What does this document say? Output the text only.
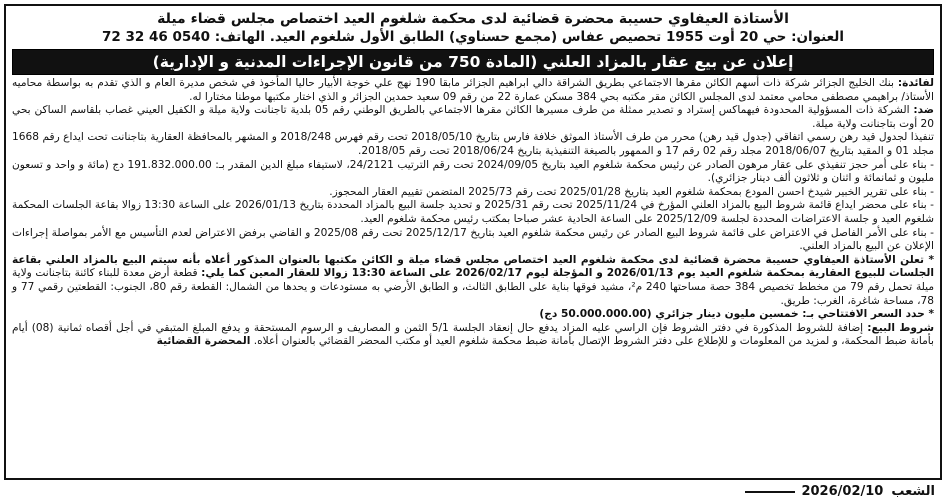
الأستاذة العيفاوي حسيبة محضرة قضائية لدى محكمة شلغوم العيد اختصاص مجلس قضاء ميلة
العنوان: حي 20 أوت 1955 تحصيص عفاس (مجمع حسناوي) الطابق الأول شلغوم العيد. الهاتف: 72 32 46 0540
إعلان عن بيع عقار بالمزاد العلني (المادة 750 من قانون الإجراءات المدنية و الإدارية)

لفائدة: بنك الخليج الجزائر شركة ذات أسهم الكائن مقرها الاجتماعي بطريق الشراقة دالي ابراهيم الجزائر مابقا 190 نهج علي خوجة الأبيار حاليا المأخوذ في شخص مديرة العام و الذي تقدم به بواسطة محاميه الأستاذ/ براهيمي مصطفى محامي معتمد لدى المجلس الكائن مقر مكتبه بحي 384 مسكن عمارة 22 من رقم 09 سعيد حمدين الجزائر و الذي اختار مكتبها موطنا مختارا له.

ضد: الشركة ذات المسؤولية المحدودة فيهماكس إستراد و تصدير ممثلة من طرف مسيرها الكائن مقرها الاجتماعي بالطريق الوطني رقم 05 بلدية تاجنانت ولاية ميلة و الكفيل العيني غصاب بلقاسم الساكن بحي 20 أوت بتاجنانت ولاية ميلة.

تنفيذا لجدول قيد رهن رسمي اتفاقي (جدول قيد رهن) محرر من طرف الأستاذ الموثق خلافة فارس بتاريخ 2018/05/10 تحت رقم فهرس 2018/248 و المشهر بالمحافظة العقارية بتاجنانت تحت ايداع رقم 1668 مجلد 01 و المقيد بتاريخ 2018/06/07 مجلد رقم 02 رقم 17 و الممهور بالصيغة التنفيذية بتاريخ 2018/06/24 تحت رقم 2018/05.

- بناء على أمر حجز تنفيذي على عقار مرهون الصادر عن رئيس محكمة شلغوم العيد بتاريخ 2024/09/05 تحت رقم الترتيب 24/2121، لاستيفاء مبلغ الدين المقدر بـ: 191.832.000.00 دج (مائة و واحد و تسعون مليون و ثمانمائة و اثنان و ثلاثون ألف دينار جزائري).

- بناء على تقرير الخبير شيدخ احسن المودع بمحكمة شلغوم العيد بتاريخ 2025/01/28 تحت رقم 2025/73 المتضمن تقييم العقار المحجوز.

- بناء على محضر ايداع قائمة شروط البيع بالمزاد العلني المؤرخ في 2025/11/24 تحت رقم 2025/31 و تحديد جلسة البيع بالمزاد المحددة بتاريخ 2026/01/13 على الساعة 13:30 زوالا بقاعة الجلسات المحكمة شلغوم العيد و جلسة الاعتراضات المحددة لجلسة 2025/12/09 على الساعة الحادية عشر صباحا بمكتب رئيس محكمة شلغوم العيد.

- بناء على الأمر الفاصل في الاعتراض على قائمة شروط البيع الصادر عن رئيس محكمة شلغوم العيد بتاريخ 2025/12/17 تحت رقم 2025/08 و القاضي برفض الاعتراض لعدم التأسيس مع الأمر بمواصلة إجراءات الإعلان عن البيع بالمزاد العلني.

* تعلن الأستاذة العيفاوي حسيبة محضرة قضائية لدى محكمة شلغوم العيد اختصاص مجلس قضاء ميلة و الكائن مكتبها بالعنوان المذكور أعلاه بأنه سيتم البيع بالمزاد العلني بقاعة الجلسات للبيوع العقارية بمحكمة شلغوم العيد يوم 2026/01/13 و المؤجلة ليوم 2026/02/17 على الساعة 13:30 زوالا للعقار المعين كما يلي: قطعة أرض معدة للبناء كائنة بتاجنانت ولاية ميلة تحمل رقم 79 من مخطط تخصيص 384 حصة مساحتها 240 م²، مشيد فوقها بناية على الطابق الثالث، و الطابق الأرضي به مستودعات و يحدها من الشمال: القطعة رقم 80، الجنوب: القطعتين رقمي 77 و 78، مساحة شاغرة، الغرب: طريق.

* حدد السعر الافتتاحي بـ: خمسين مليون دينار جزائري (50.000.000.00 دج)

شروط البيع: إضافة للشروط المذكورة في دفتر الشروط فإن الراسي عليه المزاد يدفع حال إنعقاد الجلسة 5/1 الثمن و المصاريف و الرسوم المستحقة و يدفع المبلغ المتبقي في أجل أقصاه ثمانية (08) أيام بأمانة ضبط المحكمة، و لمزيد من المعلومات و للإطلاع على دفتر الشروط الإتصال بأمانة ضبط محكمة شلغوم العيد أو مكتب المحضر القضائي بالعنوان أعلاه. المحضرة القضائية

2026/02/10 الشعب
